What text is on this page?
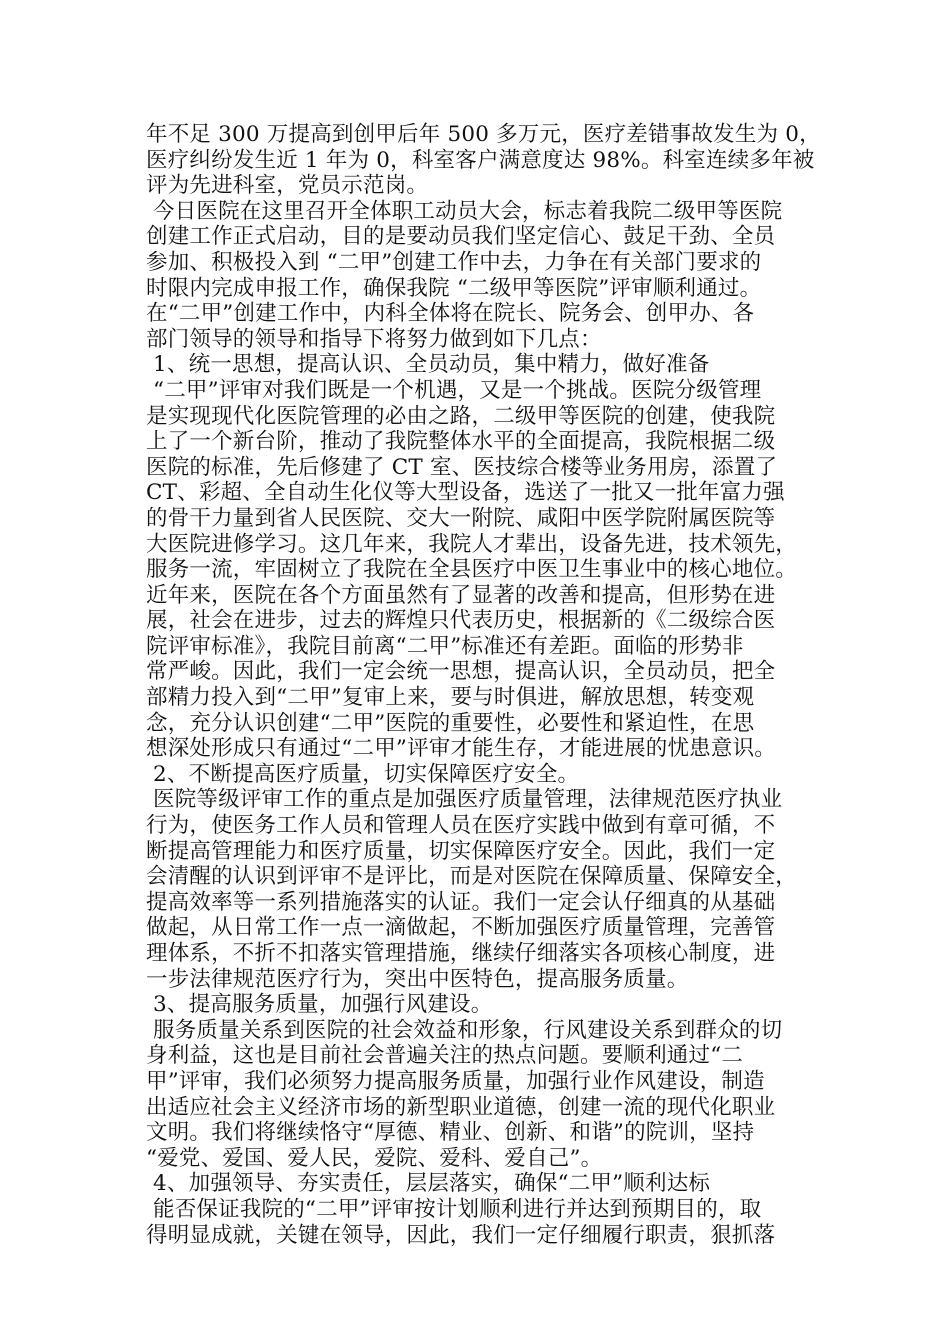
年不足 300 万提高到创甲后年 500 多万元，医疗差错事故发生为 0，
医疗纠纷发生近 1 年为 0，科室客户满意度达 98%。科室连续多年被
评为先进科室，党员示范岗。
今日医院在这里召开全体职工动员大会，标志着我院二级甲等医院
创建工作正式启动，目的是要动员我们坚定信心、鼓足干劲、全员
参加、积极投入到 “二甲”创建工作中去，力争在有关部门要求的
时限内完成申报工作，确保我院 “二级甲等医院”评审顺利通过。
在“二甲”创建工作中，内科全体将在院长、院务会、创甲办、各
部门领导的领导和指导下将努力做到如下几点：
1、统一思想，提高认识、全员动员，集中精力，做好准备
“二甲”评审对我们既是一个机遇，又是一个挑战。医院分级管理
是实现现代化医院管理的必由之路，二级甲等医院的创建，使我院
上了一个新台阶，推动了我院整体水平的全面提高，我院根据二级
医院的标准，先后修建了 CT 室、医技综合楼等业务用房，添置了
CT、彩超、全自动生化仪等大型设备，选送了一批又一批年富力强
的骨干力量到省人民医院、交大一附院、咸阳中医学院附属医院等
大医院进修学习。这几年来，我院人才辈出，设备先进，技术领先，
服务一流，牢固树立了我院在全县医疗中医卫生事业中的核心地位。
近年来，医院在各个方面虽然有了显著的改善和提高，但形势在进
展，社会在进步，过去的辉煌只代表历史，根据新的《二级综合医
院评审标准》，我院目前离“二甲”标准还有差距。面临的形势非
常严峻。因此，我们一定会统一思想，提高认识，全员动员，把全
部精力投入到“二甲”复审上来，要与时俱进，解放思想，转变观
念，充分认识创建“二甲”医院的重要性，必要性和紧迫性，在思
想深处形成只有通过“二甲”评审才能生存，才能进展的忧患意识。
2、不断提高医疗质量，切实保障医疗安全。
医院等级评审工作的重点是加强医疗质量管理，法律规范医疗执业
行为，使医务工作人员和管理人员在医疗实践中做到有章可循，不
断提高管理能力和医疗质量，切实保障医疗安全。因此，我们一定
会清醒的认识到评审不是评比，而是对医院在保障质量、保障安全，
提高效率等一系列措施落实的认证。我们一定会认仔细真的从基础
做起，从日常工作一点一滴做起，不断加强医疗质量管理，完善管
理体系，不折不扣落实管理措施，继续仔细落实各项核心制度，进
一步法律规范医疗行为，突出中医特色，提高服务质量。
3、提高服务质量，加强行风建设。
服务质量关系到医院的社会效益和形象，行风建设关系到群众的切
身利益，这也是目前社会普遍关注的热点问题。要顺利通过“二
甲”评审，我们必须努力提高服务质量，加强行业作风建设，制造
出适应社会主义经济市场的新型职业道德，创建一流的现代化职业
文明。我们将继续恪守“厚德、精业、创新、和谐”的院训，坚持
“爱党、爱国、爱人民，爱院、爱科、爱自己”。
4、加强领导、夯实责任，层层落实，确保“二甲”顺利达标
能否保证我院的“二甲”评审按计划顺利进行并达到预期目的，取
得明显成就，关键在领导，因此，我们一定仔细履行职责，狠抓落
